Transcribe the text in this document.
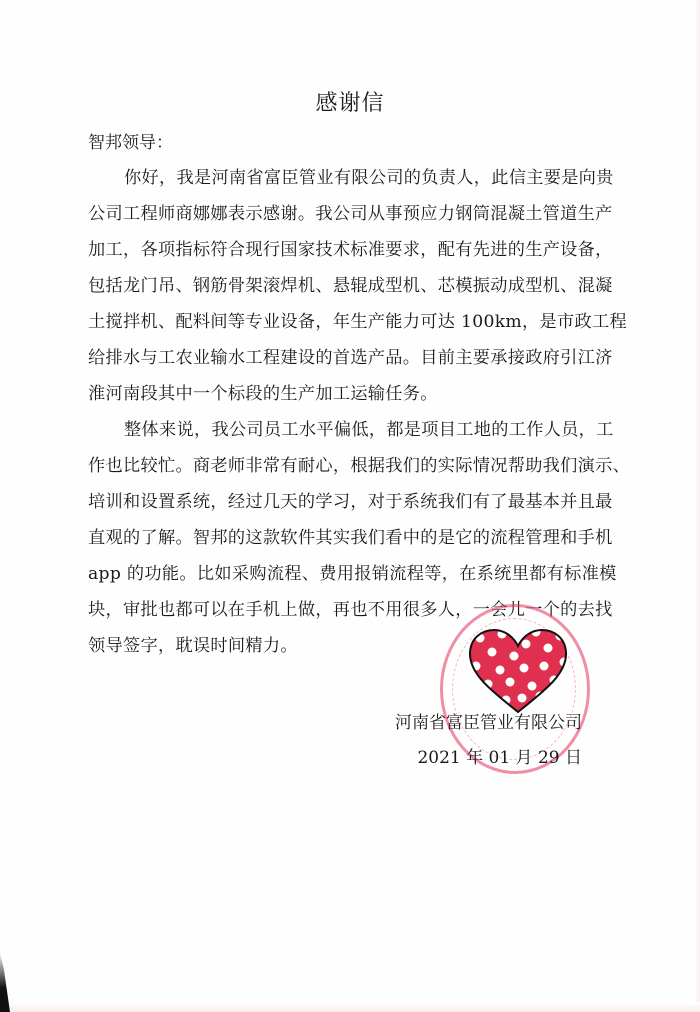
感谢信
智邦领导：
你好，我是河南省富臣管业有限公司的负责人，此信主要是向贵
公司工程师商娜娜表示感谢。我公司从事预应力钢筒混凝土管道生产
加工，各项指标符合现行国家技术标准要求，配有先进的生产设备，
包括龙门吊、钢筋骨架滚焊机、悬辊成型机、芯模振动成型机、混凝
土搅拌机、配料间等专业设备，年生产能力可达 100km，是市政工程
给排水与工农业输水工程建设的首选产品。目前主要承接政府引江济
淮河南段其中一个标段的生产加工运输任务。
整体来说，我公司员工水平偏低，都是项目工地的工作人员，工
作也比较忙。商老师非常有耐心，根据我们的实际情况帮助我们演示、
培训和设置系统，经过几天的学习，对于系统我们有了最基本并且最
直观的了解。智邦的这款软件其实我们看中的是它的流程管理和手机
app 的功能。比如采购流程、费用报销流程等，在系统里都有标准模
块，审批也都可以在手机上做，再也不用很多人，一会儿一个的去找
领导签字，耽误时间精力。
河南省富臣管业有限公司
2021 年 01 月 29 日
